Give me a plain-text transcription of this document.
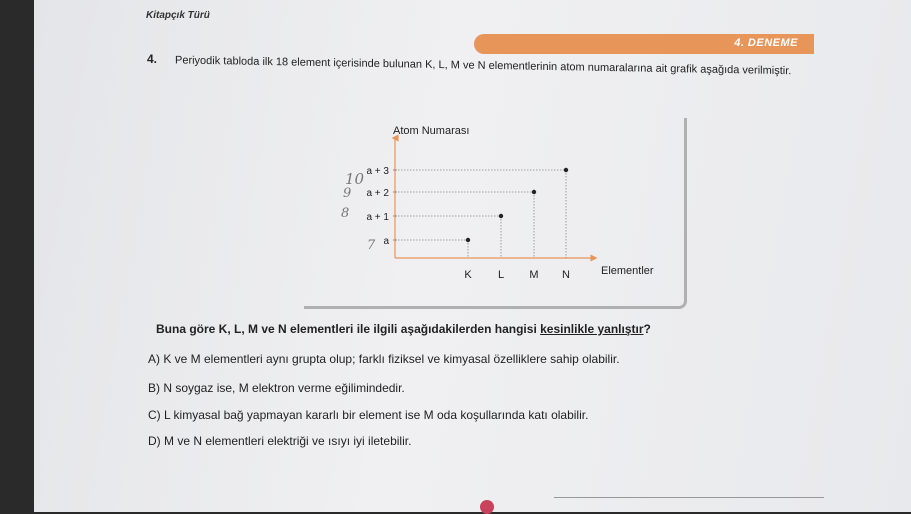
Kitapçık Türü
4. DENEME
4. Periyodik tabloda ilk 18 element içerisinde bulunan K, L, M ve N elementlerinin atom numaralarına ait grafik aşağıda verilmiştir.
Atom Numarası
Elementler
a
a + 1
a + 2
a + 3
K L M N
10
9
8
7
Buna göre K, L, M ve N elementleri ile ilgili aşağıdakilerden hangisi kesinlikle yanlıştır?
A) K ve M elementleri aynı grupta olup; farklı fiziksel ve kimyasal özelliklere sahip olabilir.
B) N soygaz ise, M elektron verme eğilimindedir.
C) L kimyasal bağ yapmayan kararlı bir element ise M oda koşullarında katı olabilir.
D) M ve N elementleri elektriği ve ısıyı iyi iletebilir.
